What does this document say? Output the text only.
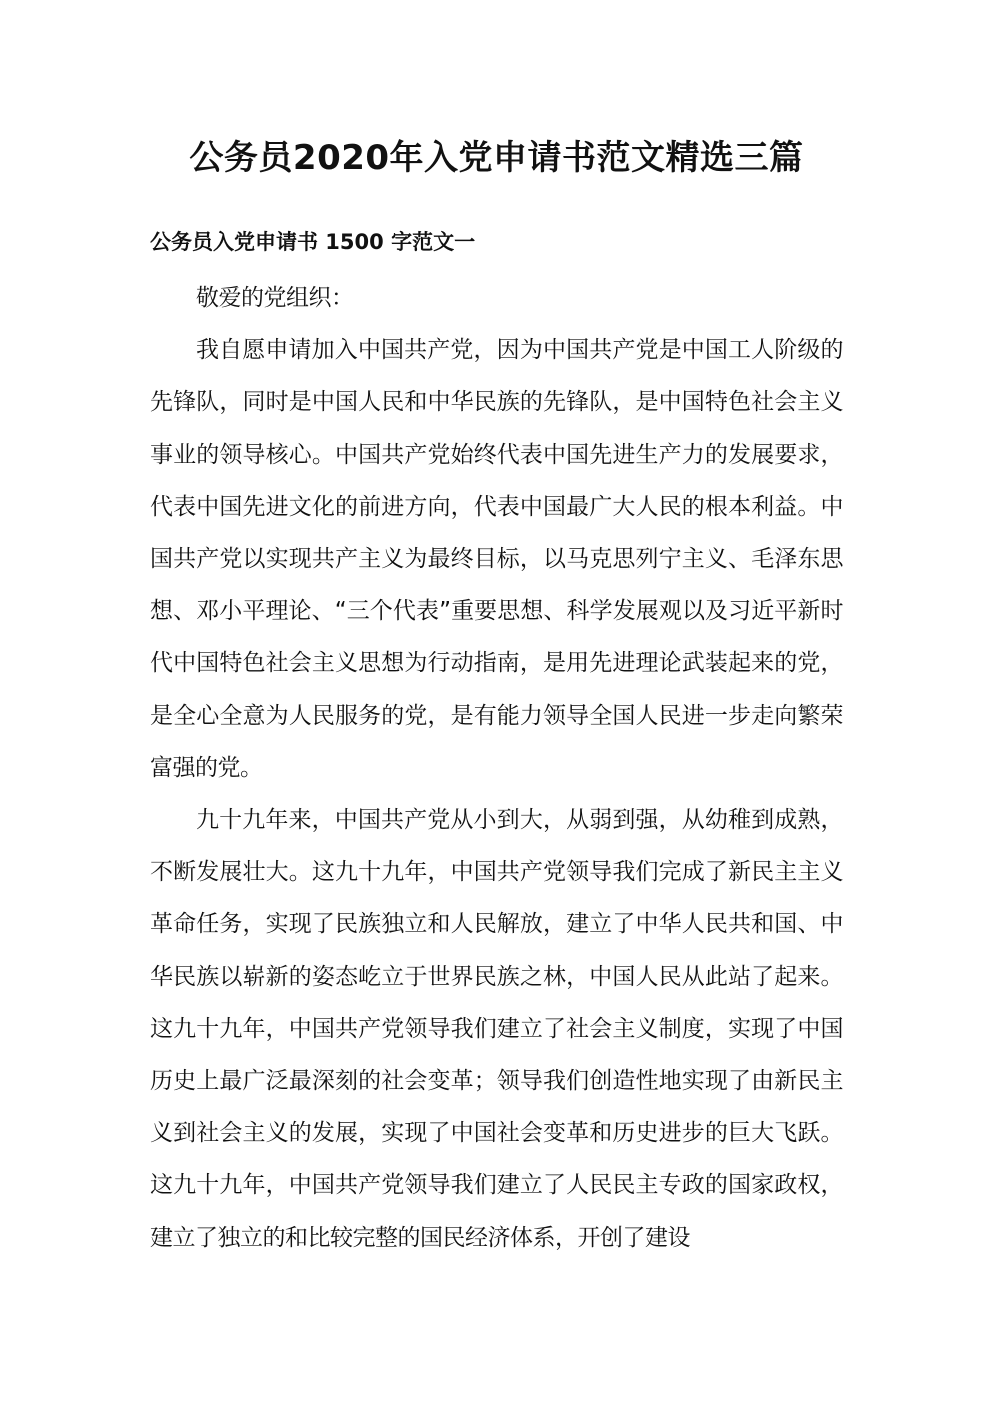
公务员2020年入党申请书范文精选三篇
公务员入党申请书 1500 字范文一

敬爱的党组织：

我自愿申请加入中国共产党，因为中国共产党是中国工人阶级的先锋队，同时是中国人民和中华民族的先锋队，是中国特色社会主义事业的领导核心。中国共产党始终代表中国先进生产力的发展要求，代表中国先进文化的前进方向，代表中国最广大人民的根本利益。中国共产党以实现共产主义为最终目标，以马克思列宁主义、毛泽东思想、邓小平理论、“三个代表”重要思想、科学发展观以及习近平新时代中国特色社会主义思想为行动指南，是用先进理论武装起来的党，是全心全意为人民服务的党，是有能力领导全国人民进一步走向繁荣富强的党。

九十九年来，中国共产党从小到大，从弱到强，从幼稚到成熟，不断发展壮大。这九十九年，中国共产党领导我们完成了新民主主义革命任务，实现了民族独立和人民解放，建立了中华人民共和国、中华民族以崭新的姿态屹立于世界民族之林，中国人民从此站了起来。这九十九年，中国共产党领导我们建立了社会主义制度，实现了中国历史上最广泛最深刻的社会变革；领导我们创造性地实现了由新民主义到社会主义的发展，实现了中国社会变革和历史进步的巨大飞跃。这九十九年，中国共产党领导我们建立了人民民主专政的国家政权，建立了独立的和比较完整的国民经济体系，开创了建设
